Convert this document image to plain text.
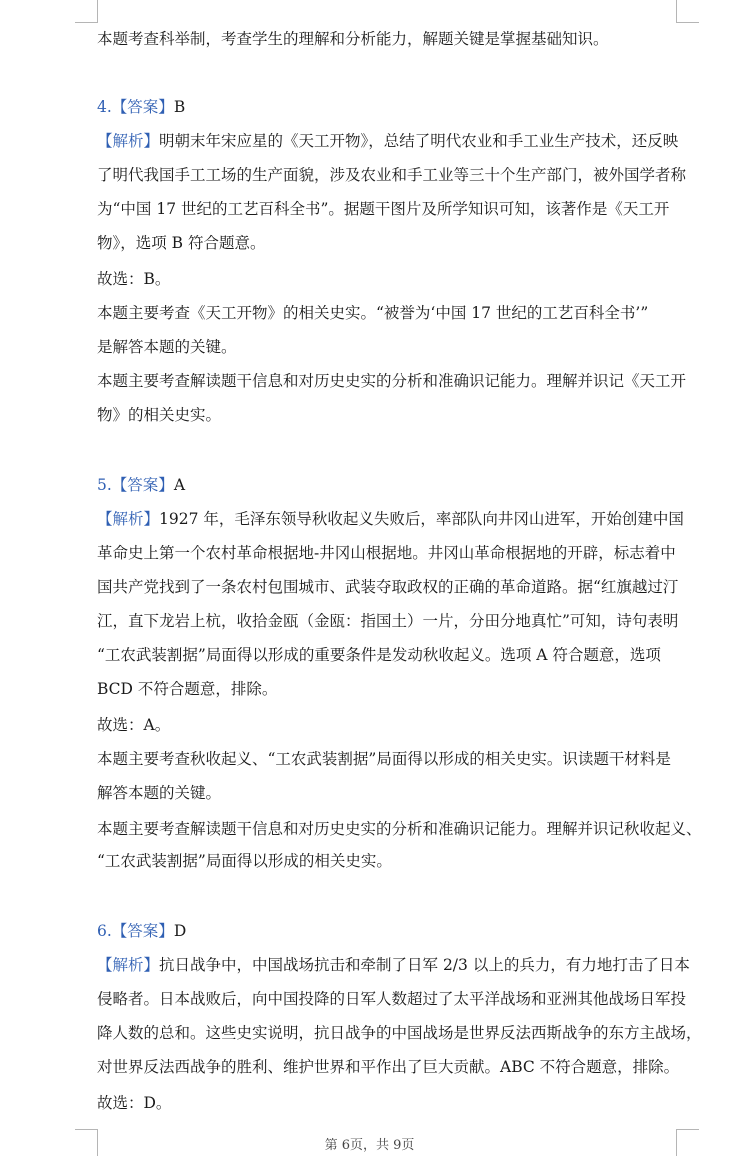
本题考查科举制，考查学生的理解和分析能力，解题关键是掌握基础知识。
4.【答案】B
【解析】明朝末年宋应星的《天工开物》，总结了明代农业和手工业生产技术，还反映
了明代我国手工工场的生产面貌，涉及农业和手工业等三十个生产部门，被外国学者称
为“中国 17 世纪的工艺百科全书”。据题干图片及所学知识可知，该著作是《天工开
物》，选项 B 符合题意。
故选：B。
本题主要考查《天工开物》的相关史实。“被誉为‘中国 17 世纪的工艺百科全书’”
是解答本题的关键。
本题主要考查解读题干信息和对历史史实的分析和准确识记能力。理解并识记《天工开
物》的相关史实。
5.【答案】A
【解析】1927 年，毛泽东领导秋收起义失败后，率部队向井冈山进军，开始创建中国
革命史上第一个农村革命根据地-井冈山根据地。井冈山革命根据地的开辟，标志着中
国共产党找到了一条农村包围城市、武装夺取政权的正确的革命道路。据“红旗越过汀
江，直下龙岩上杭，收拾金瓯（金瓯：指国土）一片，分田分地真忙”可知，诗句表明
“工农武装割据”局面得以形成的重要条件是发动秋收起义。选项 A 符合题意，选项
BCD 不符合题意，排除。
故选：A。
本题主要考查秋收起义、“工农武装割据”局面得以形成的相关史实。识读题干材料是
解答本题的关键。
本题主要考查解读题干信息和对历史史实的分析和准确识记能力。理解并识记秋收起义、
“工农武装割据”局面得以形成的相关史实。
6.【答案】D
【解析】抗日战争中，中国战场抗击和牵制了日军 2/3 以上的兵力，有力地打击了日本
侵略者。日本战败后，向中国投降的日军人数超过了太平洋战场和亚洲其他战场日军投
降人数的总和。这些史实说明，抗日战争的中国战场是世界反法西斯战争的东方主战场，
对世界反法西战争的胜利、维护世界和平作出了巨大贡献。ABC 不符合题意，排除。
故选：D。
第 6页，共 9页
